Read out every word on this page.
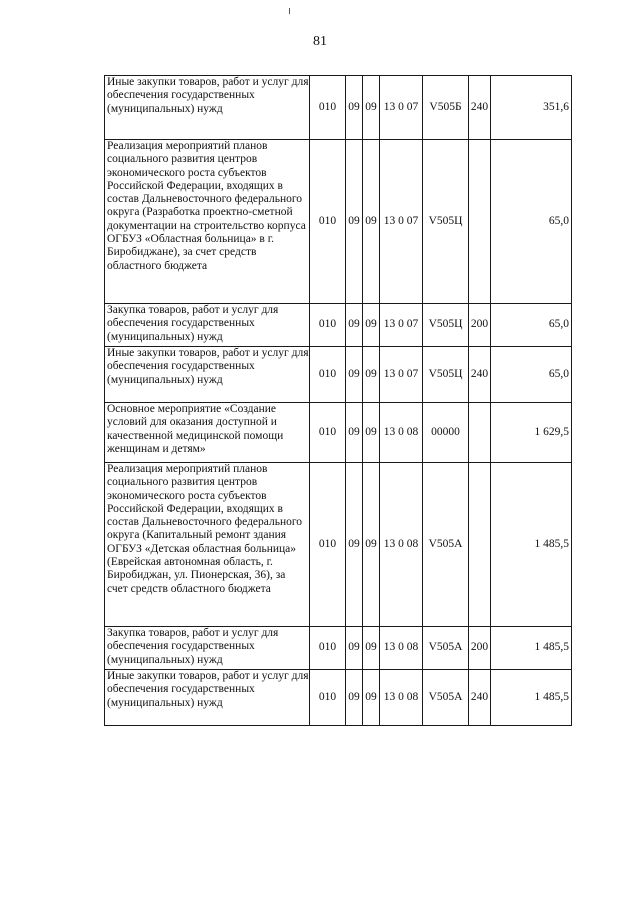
81
Иные закупки товаров, работ и услуг для обеспечения государственных (муниципальных) нужд	010	09	09	13 0 07	V505Б	240	351,6
Реализация мероприятий планов социального развития центров экономического роста субъектов Российской Федерации, входящих в состав Дальневосточного федерального округа (Разработка проектно-сметной документации на строительство корпуса ОГБУЗ «Областная больница» в г. Биробиджане), за счет средств областного бюджета	010	09	09	13 0 07	V505Ц		65,0
Закупка товаров, работ и услуг для обеспечения государственных (муниципальных) нужд	010	09	09	13 0 07	V505Ц	200	65,0
Иные закупки товаров, работ и услуг для обеспечения государственных (муниципальных) нужд	010	09	09	13 0 07	V505Ц	240	65,0
Основное мероприятие «Создание условий для оказания доступной и качественной медицинской помощи женщинам и детям»	010	09	09	13 0 08	00000		1 629,5
Реализация мероприятий планов социального развития центров экономического роста субъектов Российской Федерации, входящих в состав Дальневосточного федерального округа (Капитальный ремонт здания ОГБУЗ «Детская областная больница» (Еврейская автономная область, г. Биробиджан, ул. Пионерская, 36), за счет средств областного бюджета	010	09	09	13 0 08	V505А		1 485,5
Закупка товаров, работ и услуг для обеспечения государственных (муниципальных) нужд	010	09	09	13 0 08	V505А	200	1 485,5
Иные закупки товаров, работ и услуг для обеспечения государственных (муниципальных) нужд	010	09	09	13 0 08	V505А	240	1 485,5
